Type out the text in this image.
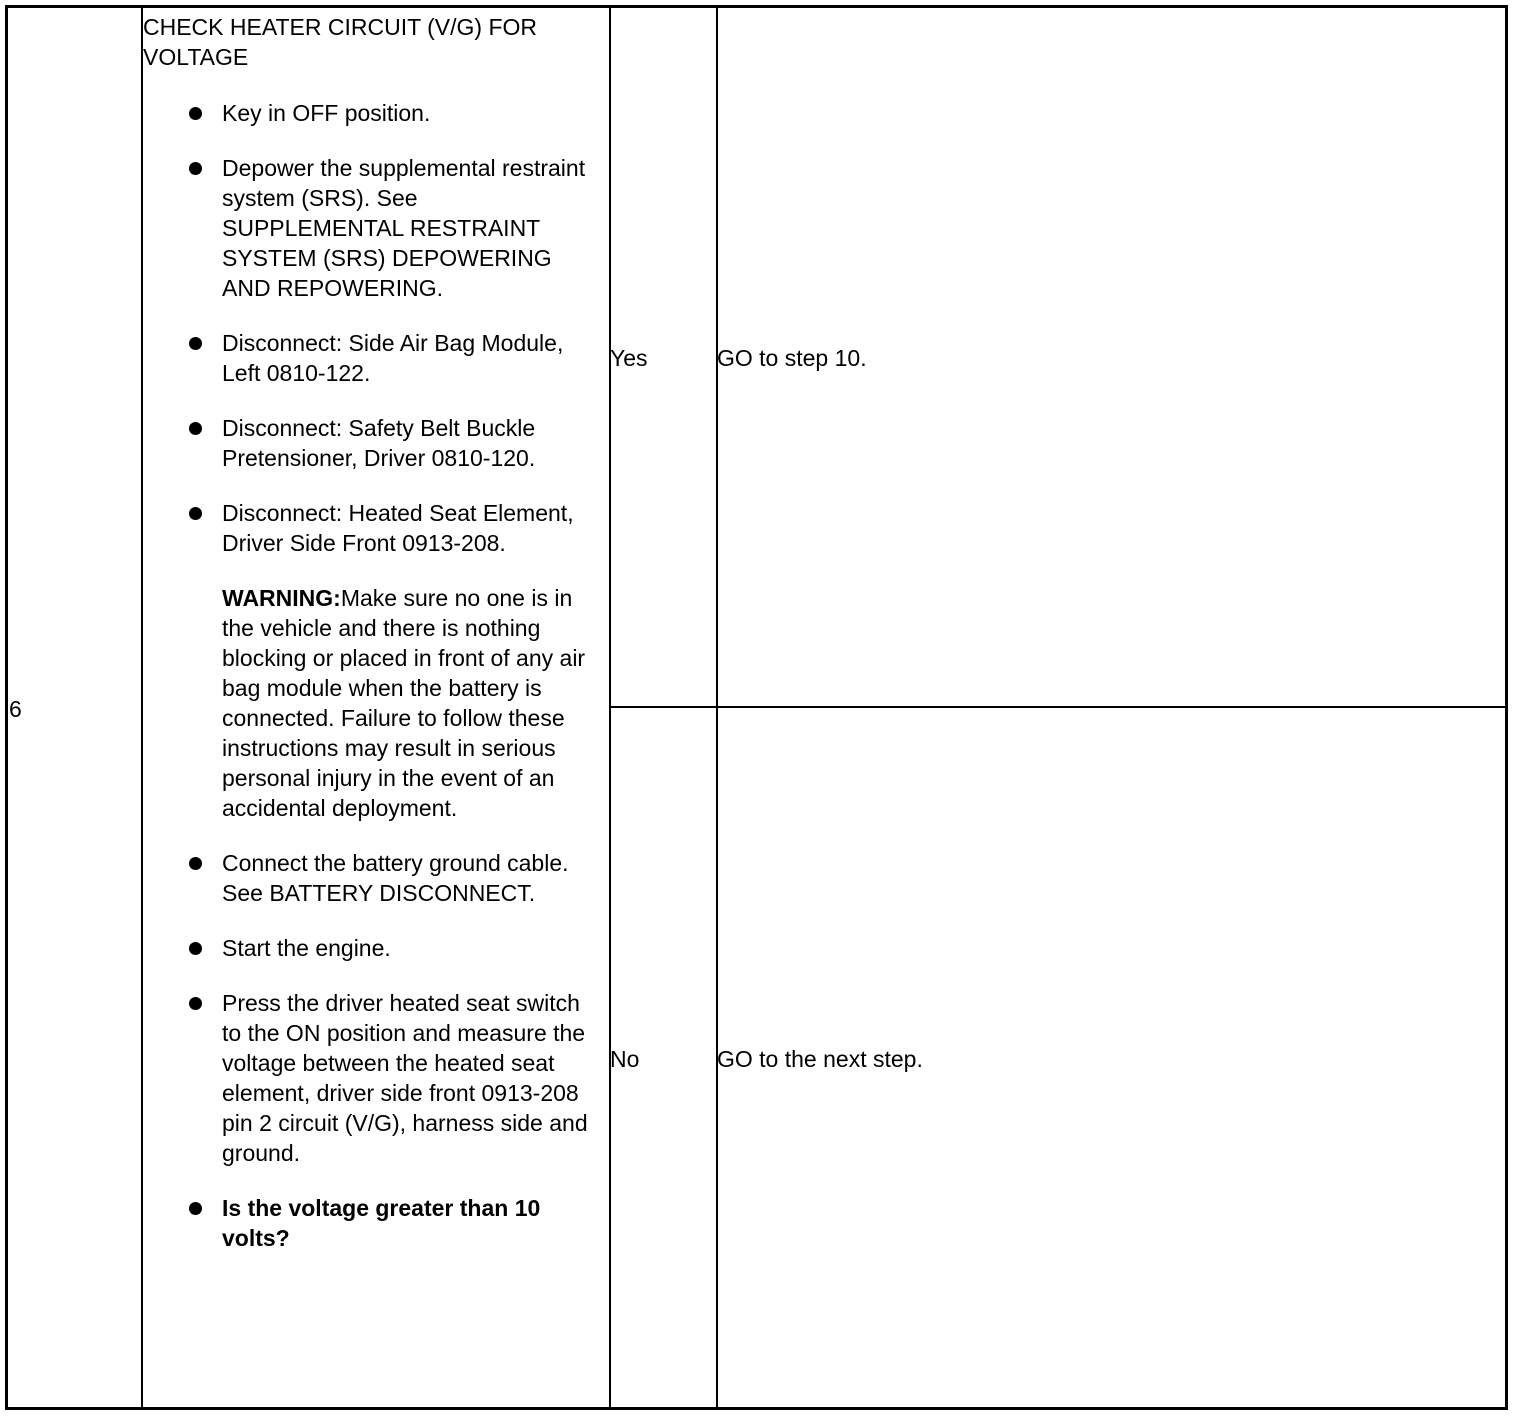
6
CHECK HEATER CIRCUIT (V/G) FOR VOLTAGE
Key in OFF position.
Depower the supplemental restraint system (SRS). See SUPPLEMENTAL RESTRAINT SYSTEM (SRS) DEPOWERING AND REPOWERING.
Disconnect: Side Air Bag Module, Left 0810-122.
Disconnect: Safety Belt Buckle Pretensioner, Driver 0810-120.
Disconnect: Heated Seat Element, Driver Side Front 0913-208.
WARNING:Make sure no one is in the vehicle and there is nothing blocking or placed in front of any air bag module when the battery is connected. Failure to follow these instructions may result in serious personal injury in the event of an accidental deployment.
Connect the battery ground cable. See BATTERY DISCONNECT.
Start the engine.
Press the driver heated seat switch to the ON position and measure the voltage between the heated seat element, driver side front 0913-208 pin 2 circuit (V/G), harness side and ground.
Is the voltage greater than 10 volts?
Yes	GO to step 10.
No	GO to the next step.
